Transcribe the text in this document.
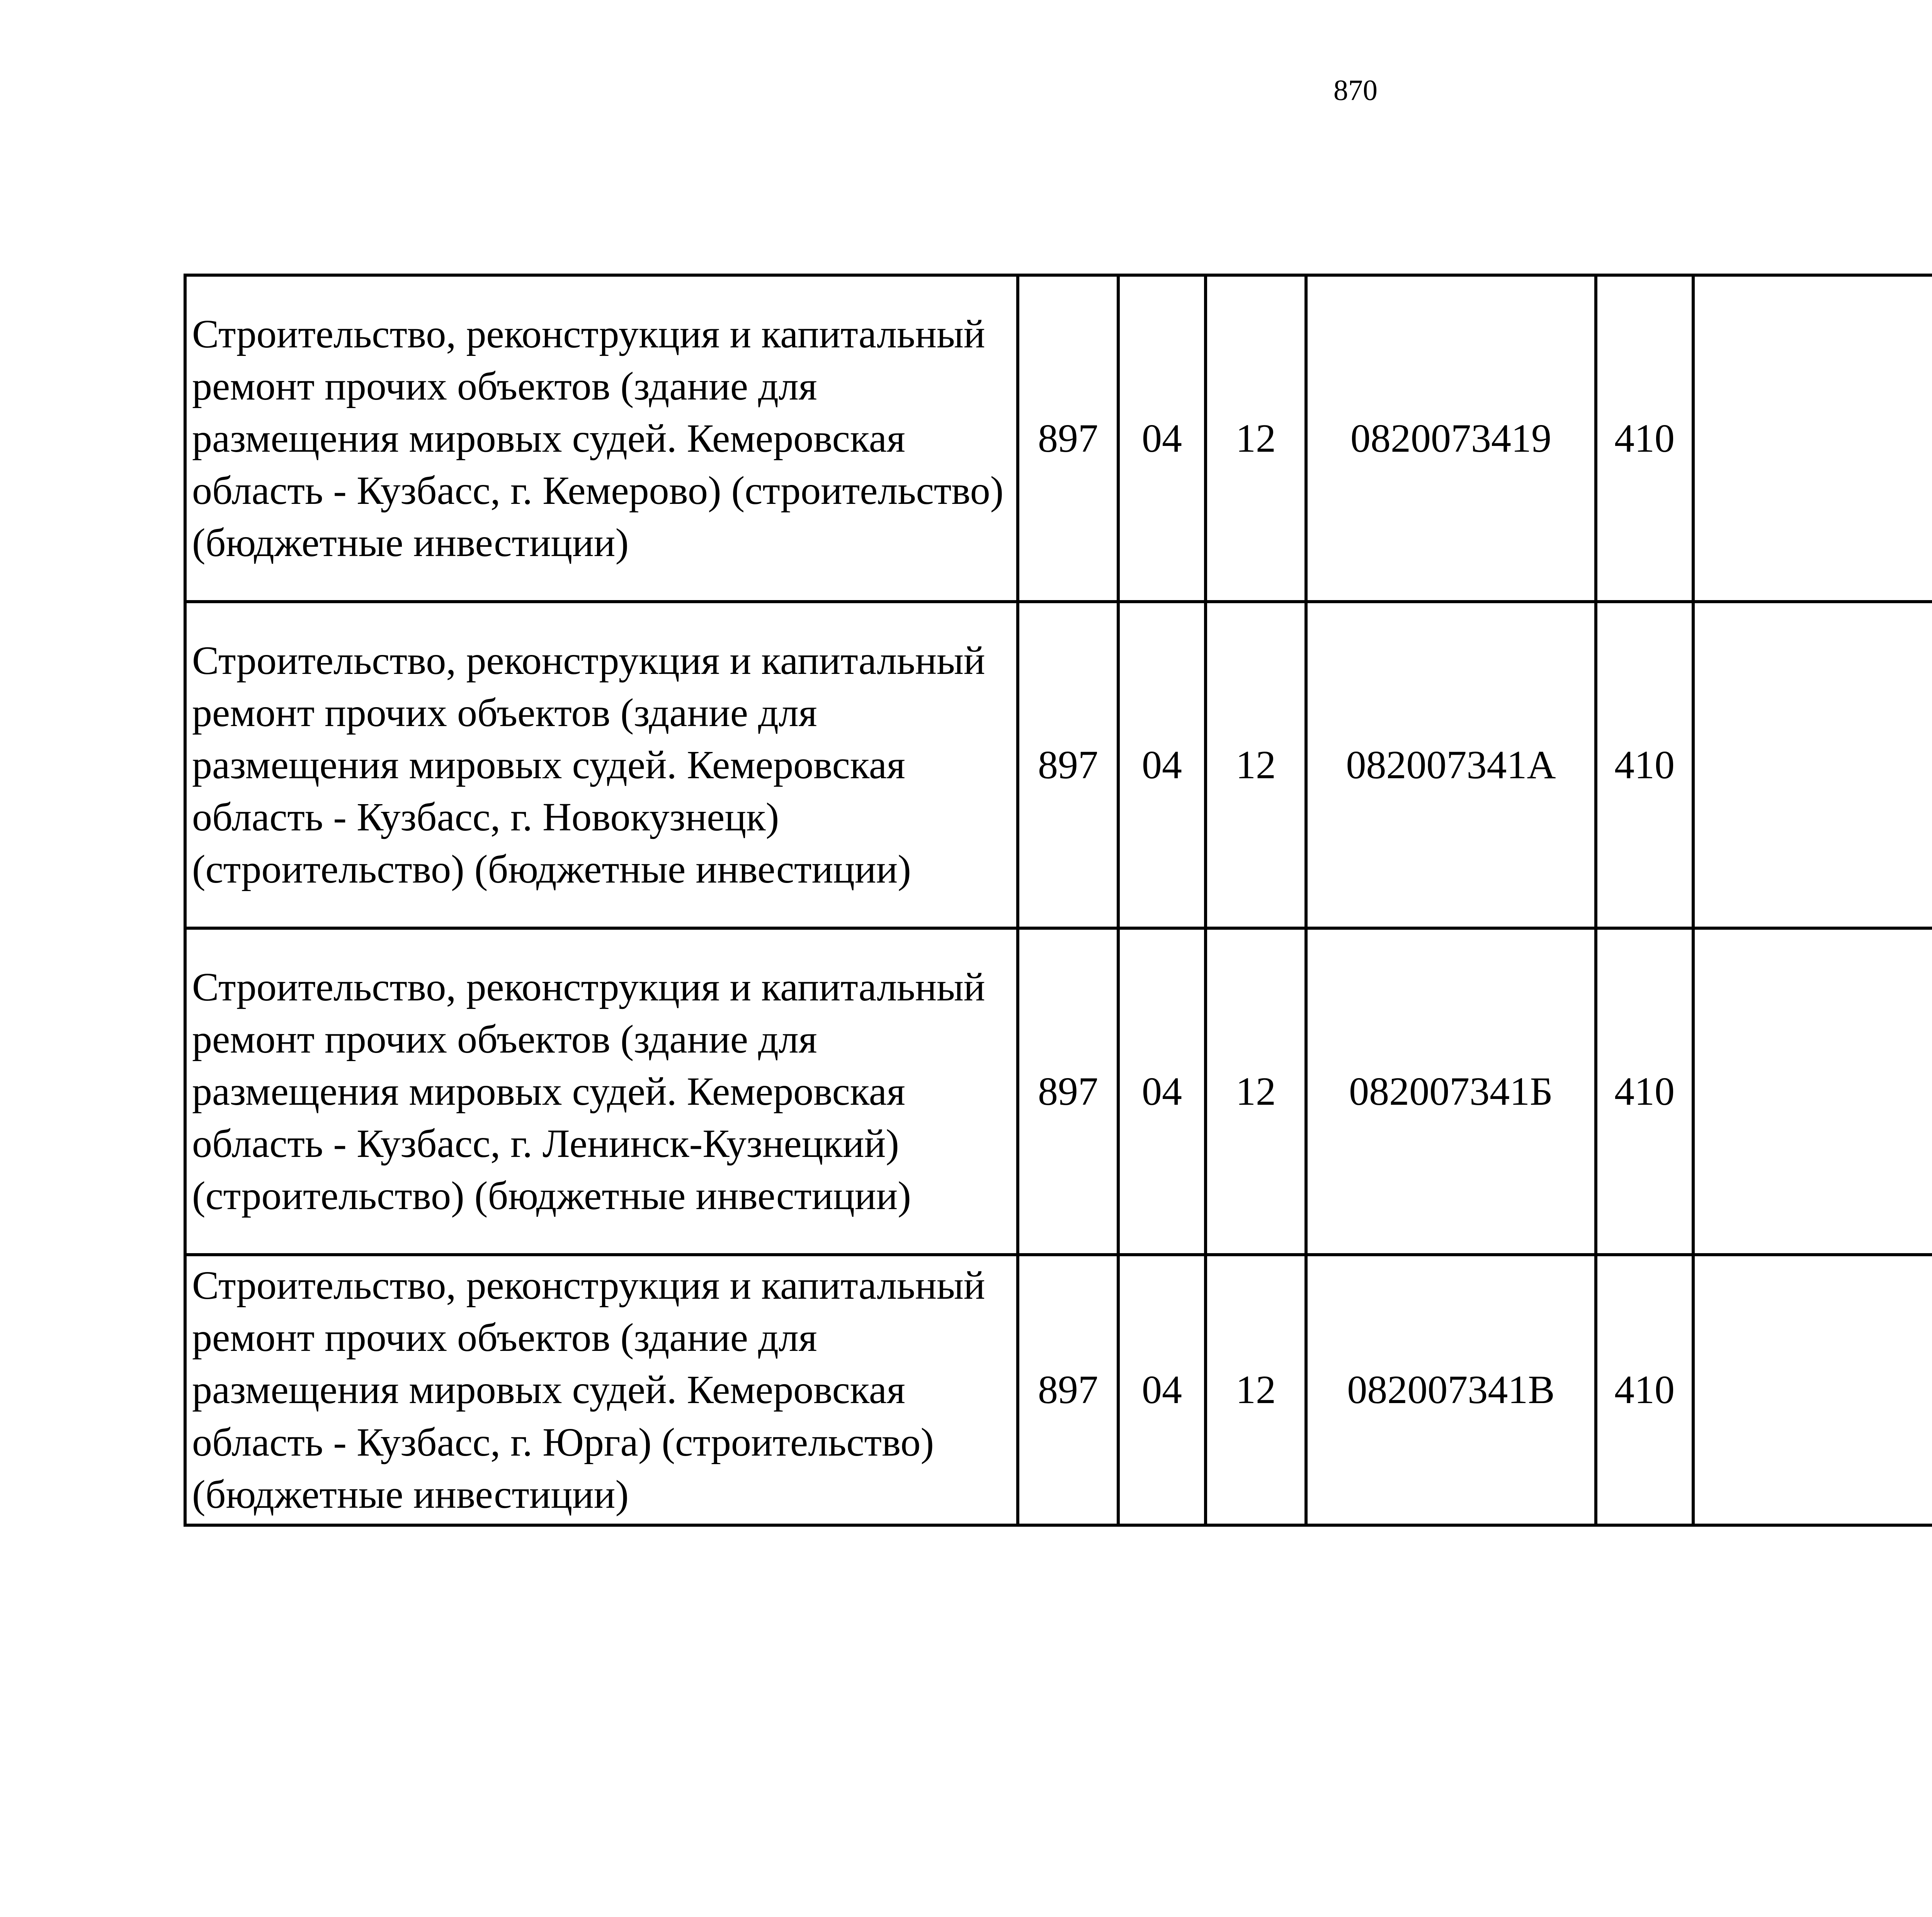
870
Строительство, реконструкция и капитальный ремонт прочих объектов (здание для размещения мировых судей. Кемеровская область - Кузбасс, г. Кемерово) (строительство) (бюджетные инвестиции)	897	04	12	0820073419	410			
Строительство, реконструкция и капитальный ремонт прочих объектов (здание для размещения мировых судей. Кемеровская область - Кузбасс, г. Новокузнецк) (строительство) (бюджетные инвестиции)	897	04	12	082007341А	410			
Строительство, реконструкция и капитальный ремонт прочих объектов (здание для размещения мировых судей. Кемеровская область - Кузбасс, г. Ленинск-Кузнецкий) (строительство) (бюджетные инвестиции)	897	04	12	082007341Б	410			
Строительство, реконструкция и капитальный ремонт прочих объектов (здание для размещения мировых судей. Кемеровская область - Кузбасс, г. Юрга) (строительство) (бюджетные инвестиции)	897	04	12	082007341В	410			
